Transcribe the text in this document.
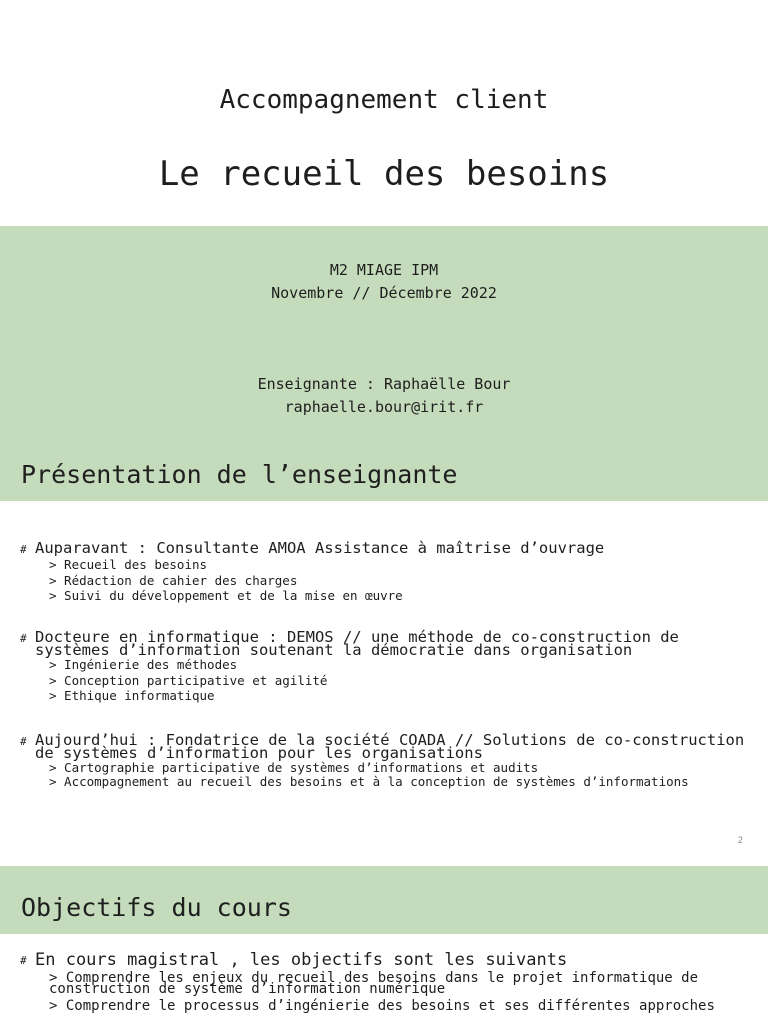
Accompagnement client
Le recueil des besoins
M2 MIAGE IPM
Novembre // Décembre 2022
Enseignante : Raphaëlle Bour
raphaelle.bour@irit.fr
Présentation de l’enseignante
# Auparavant : Consultante AMOA Assistance à maîtrise d’ouvrage
> Recueil des besoins
> Rédaction de cahier des charges
> Suivi du développement et de la mise en œuvre
# Docteure en informatique : DEMOS // une méthode de co-construction de systèmes d’information soutenant la démocratie dans organisation
> Ingénierie des méthodes
> Conception participative et agilité
> Ethique informatique
# Aujourd’hui : Fondatrice de la société COADA // Solutions de co-construction de systèmes d’information pour les organisations
> Cartographie participative de systèmes d’informations et audits
> Accompagnement au recueil des besoins et à la conception de systèmes d’informations
2
Objectifs du cours
# En cours magistral , les objectifs sont les suivants
> Comprendre les enjeux du recueil des besoins dans le projet informatique de construction de système d’information numérique
> Comprendre le processus d’ingénierie des besoins et ses différentes approches
